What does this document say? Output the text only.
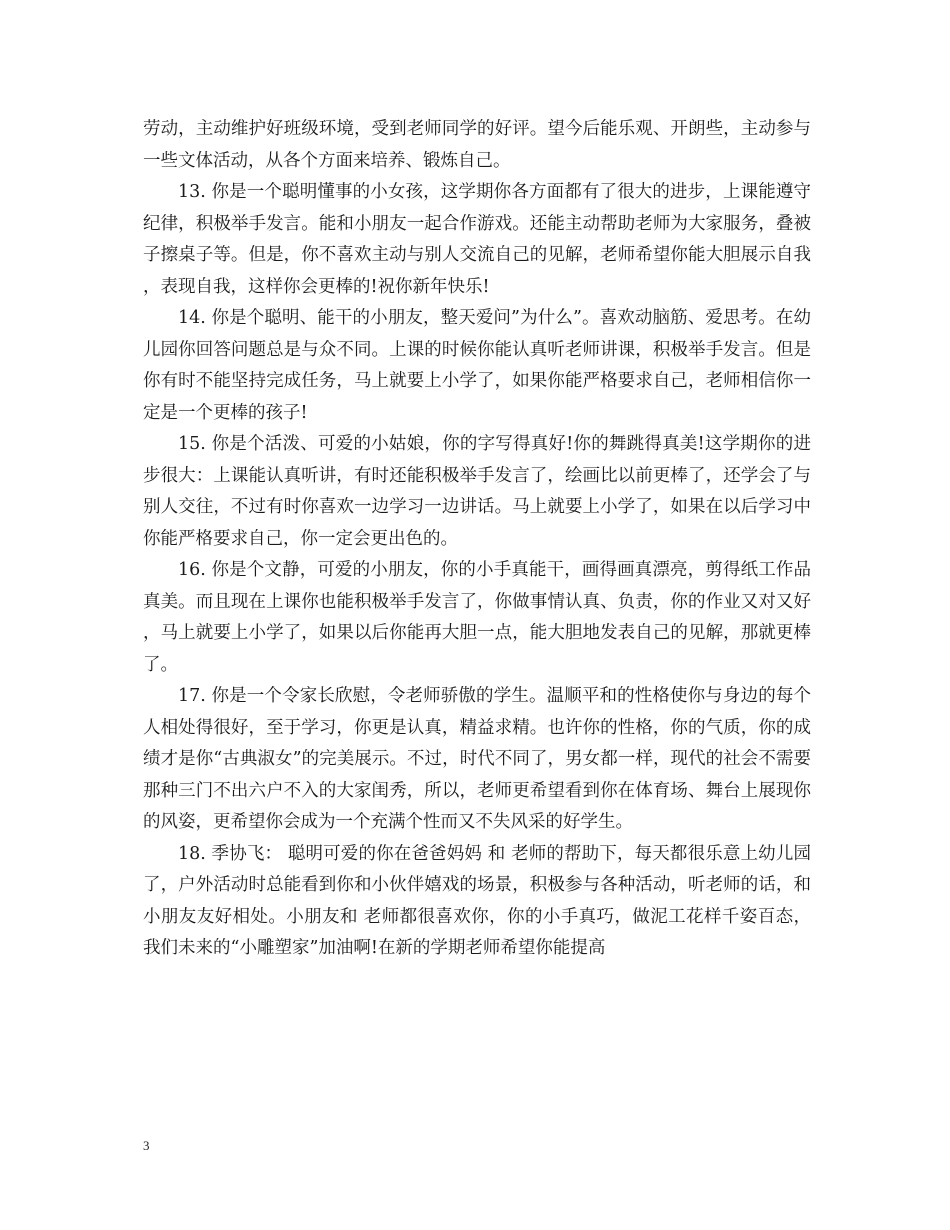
劳动，主动维护好班级环境，受到老师同学的好评。望今后能乐观、开朗些，主动参与一些文体活动，从各个方面来培养、锻炼自己。

13. 你是一个聪明懂事的小女孩，这学期你各方面都有了很大的进步，上课能遵守纪律，积极举手发言。能和小朋友一起合作游戏。还能主动帮助老师为大家服务，叠被子擦桌子等。但是，你不喜欢主动与别人交流自己的见解，老师希望你能大胆展示自我，表现自我，这样你会更棒的!祝你新年快乐!

14. 你是个聪明、能干的小朋友，整天爱问”为什么”。喜欢动脑筋、爱思考。在幼儿园你回答问题总是与众不同。上课的时候你能认真听老师讲课，积极举手发言。但是你有时不能坚持完成任务，马上就要上小学了，如果你能严格要求自己，老师相信你一定是一个更棒的孩子!

15. 你是个活泼、可爱的小姑娘，你的字写得真好!你的舞跳得真美!这学期你的进步很大：上课能认真听讲，有时还能积极举手发言了，绘画比以前更棒了，还学会了与别人交往，不过有时你喜欢一边学习一边讲话。马上就要上小学了，如果在以后学习中你能严格要求自己，你一定会更出色的。

16. 你是个文静，可爱的小朋友，你的小手真能干，画得画真漂亮，剪得纸工作品真美。而且现在上课你也能积极举手发言了，你做事情认真、负责，你的作业又对又好，马上就要上小学了，如果以后你能再大胆一点，能大胆地发表自己的见解，那就更棒了。

17. 你是一个令家长欣慰，令老师骄傲的学生。温顺平和的性格使你与身边的每个人相处得很好，至于学习，你更是认真，精益求精。也许你的性格，你的气质，你的成绩才是你“古典淑女”的完美展示。不过，时代不同了，男女都一样，现代的社会不需要那种三门不出六户不入的大家闺秀，所以，老师更希望看到你在体育场、舞台上展现你的风姿，更希望你会成为一个充满个性而又不失风采的好学生。

18. 季协飞： 聪明可爱的你在爸爸妈妈 和 老师的帮助下，每天都很乐意上幼儿园了，户外活动时总能看到你和小伙伴嬉戏的场景，积极参与各种活动，听老师的话，和小朋友友好相处。小朋友和 老师都很喜欢你，你的小手真巧，做泥工花样千姿百态，我们未来的“小雕塑家”加油啊!在新的学期老师希望你能提高

3
